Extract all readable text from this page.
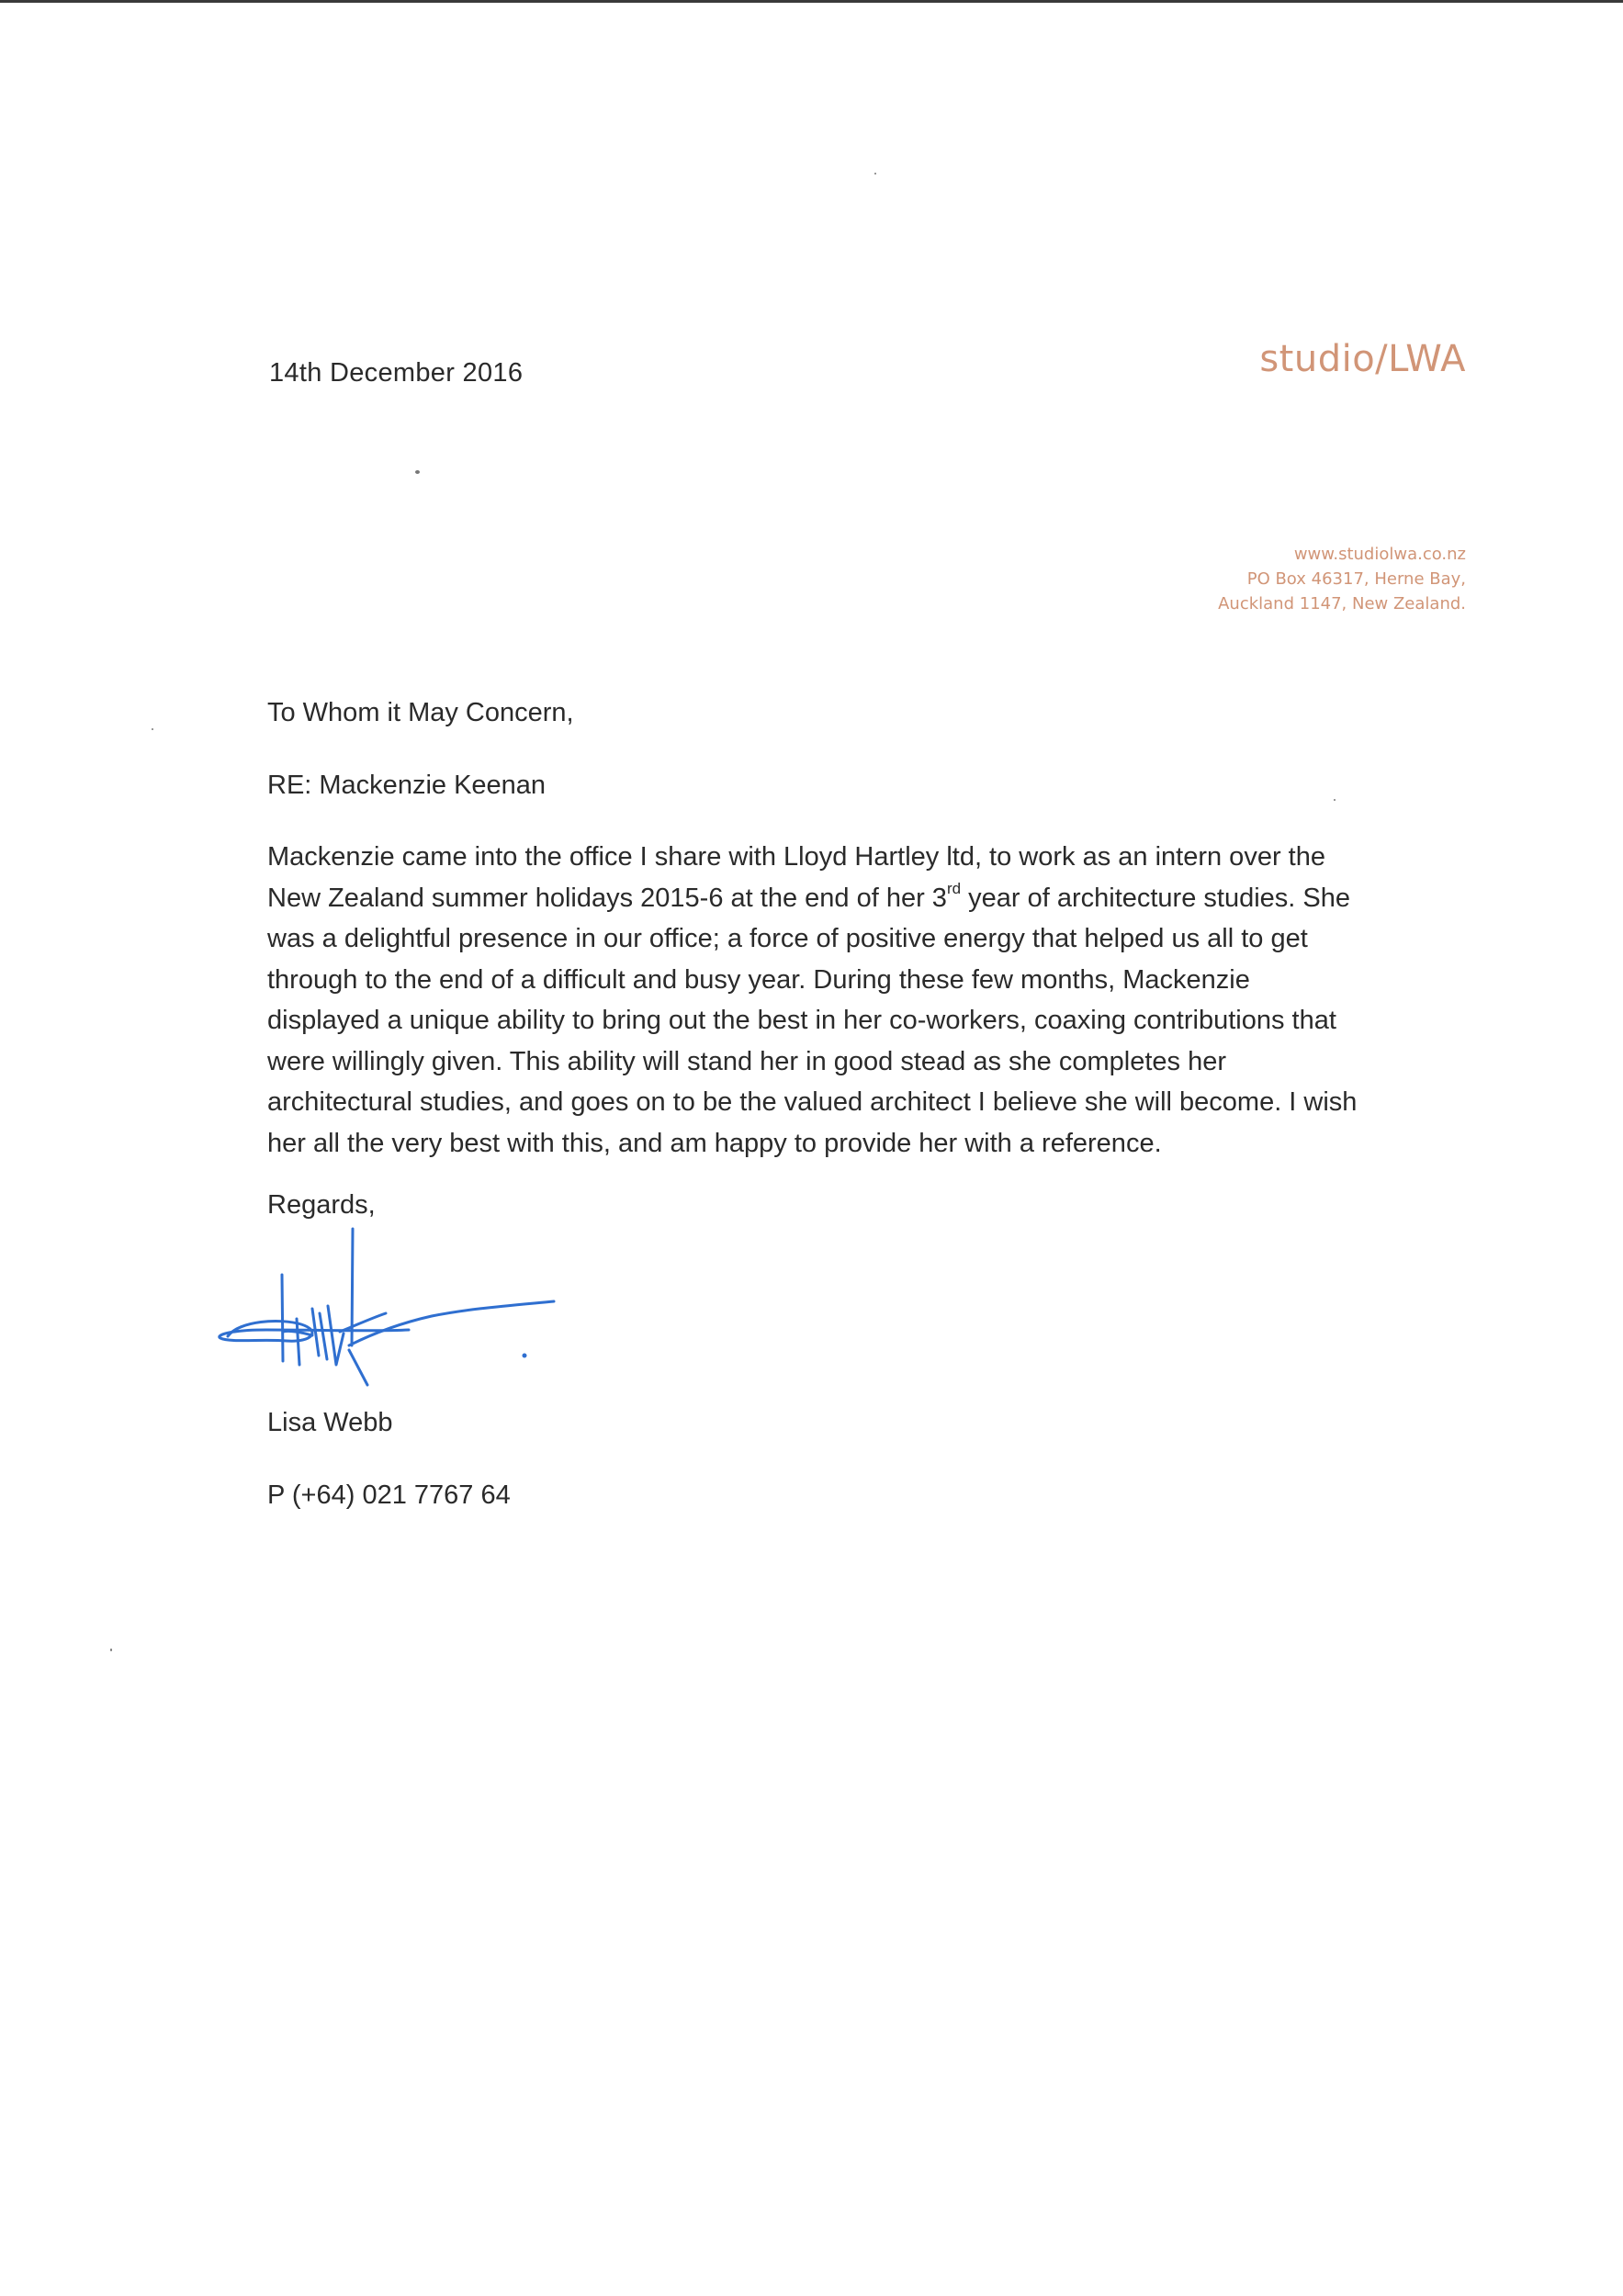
14th December 2016	studio/LWA
www.studiolwa.co.nz
PO Box 46317, Herne Bay,
Auckland 1147, New Zealand.

To Whom it May Concern,

RE: Mackenzie Keenan

Mackenzie came into the office I share with Lloyd Hartley ltd, to work as an intern over the
New Zealand summer holidays 2015-6 at the end of her 3rd year of architecture studies. She
was a delightful presence in our office; a force of positive energy that helped us all to get
through to the end of a difficult and busy year. During these few months, Mackenzie
displayed a unique ability to bring out the best in her co-workers, coaxing contributions that
were willingly given. This ability will stand her in good stead as she completes her
architectural studies, and goes on to be the valued architect I believe she will become. I wish
her all the very best with this, and am happy to provide her with a reference.

Regards,
Lisa Webb
P (+64) 021 7767 64
